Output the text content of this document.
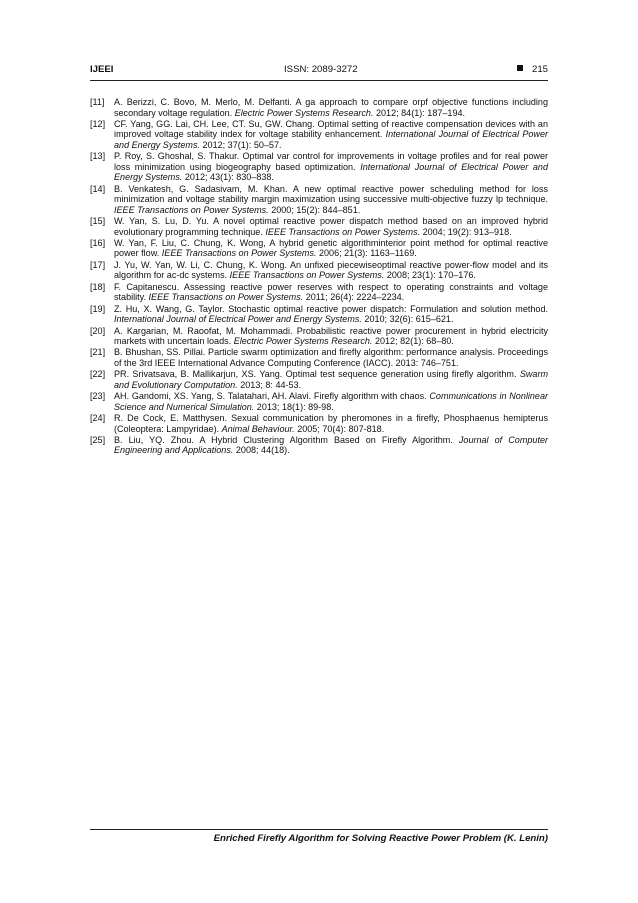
IJEEI	ISSN: 2089-3272	215
[11] A. Berizzi, C. Bovo, M. Merlo, M. Delfanti. A ga approach to compare orpf objective functions including secondary voltage regulation. Electric Power Systems Research. 2012; 84(1): 187–194.
[12] CF. Yang, GG. Lai, CH. Lee, CT. Su, GW. Chang. Optimal setting of reactive compensation devices with an improved voltage stability index for voltage stability enhancement. International Journal of Electrical Power and Energy Systems. 2012; 37(1): 50–57.
[13] P. Roy, S. Ghoshal, S. Thakur. Optimal var control for improvements in voltage profiles and for real power loss minimization using biogeography based optimization. International Journal of Electrical Power and Energy Systems. 2012; 43(1): 830–838.
[14] B. Venkatesh, G. Sadasivam, M. Khan. A new optimal reactive power scheduling method for loss minimization and voltage stability margin maximization using successive multi-objective fuzzy lp technique. IEEE Transactions on Power Systems. 2000; 15(2): 844–851.
[15] W. Yan, S. Lu, D. Yu. A novel optimal reactive power dispatch method based on an improved hybrid evolutionary programming technique. IEEE Transactions on Power Systems. 2004; 19(2): 913–918.
[16] W. Yan, F. Liu, C. Chung, K. Wong, A hybrid genetic algorithminterior point method for optimal reactive power flow. IEEE Transactions on Power Systems. 2006; 21(3): 1163–1169.
[17] J. Yu, W. Yan, W. Li, C. Chung, K. Wong. An unfixed piecewiseoptimal reactive power-flow model and its algorithm for ac-dc systems. IEEE Transactions on Power Systems. 2008; 23(1): 170–176.
[18] F. Capitanescu. Assessing reactive power reserves with respect to operating constraints and voltage stability. IEEE Transactions on Power Systems. 2011; 26(4): 2224–2234.
[19] Z. Hu, X. Wang, G. Taylor. Stochastic optimal reactive power dispatch: Formulation and solution method. International Journal of Electrical Power and Energy Systems. 2010; 32(6): 615–621.
[20] A. Kargarian, M. Raoofat, M. Mohammadi. Probabilistic reactive power procurement in hybrid electricity markets with uncertain loads. Electric Power Systems Research. 2012; 82(1): 68–80.
[21] B. Bhushan, SS. Pillai. Particle swarm optimization and firefly algorithm: performance analysis. Proceedings of the 3rd IEEE International Advance Computing Conference (IACC). 2013: 746–751.
[22] PR. Srivatsava, B. Mallikarjun, XS. Yang. Optimal test sequence generation using firefly algorithm. Swarm and Evolutionary Computation. 2013; 8: 44-53.
[23] AH. Gandomi, XS. Yang, S. Talatahari, AH. Alavi. Firefly algorithm with chaos. Communications in Nonlinear Science and Numerical Simulation. 2013; 18(1): 89-98.
[24] R. De Cock, E. Matthysen. Sexual communication by pheromones in a firefly, Phosphaenus hemipterus (Coleoptera: Lampyridae). Animal Behaviour. 2005; 70(4): 807-818.
[25] B. Liu, YQ. Zhou. A Hybrid Clustering Algorithm Based on Firefly Algorithm. Journal of Computer Engineering and Applications. 2008; 44(18).
Enriched Firefly Algorithm for Solving Reactive Power Problem (K. Lenin)
